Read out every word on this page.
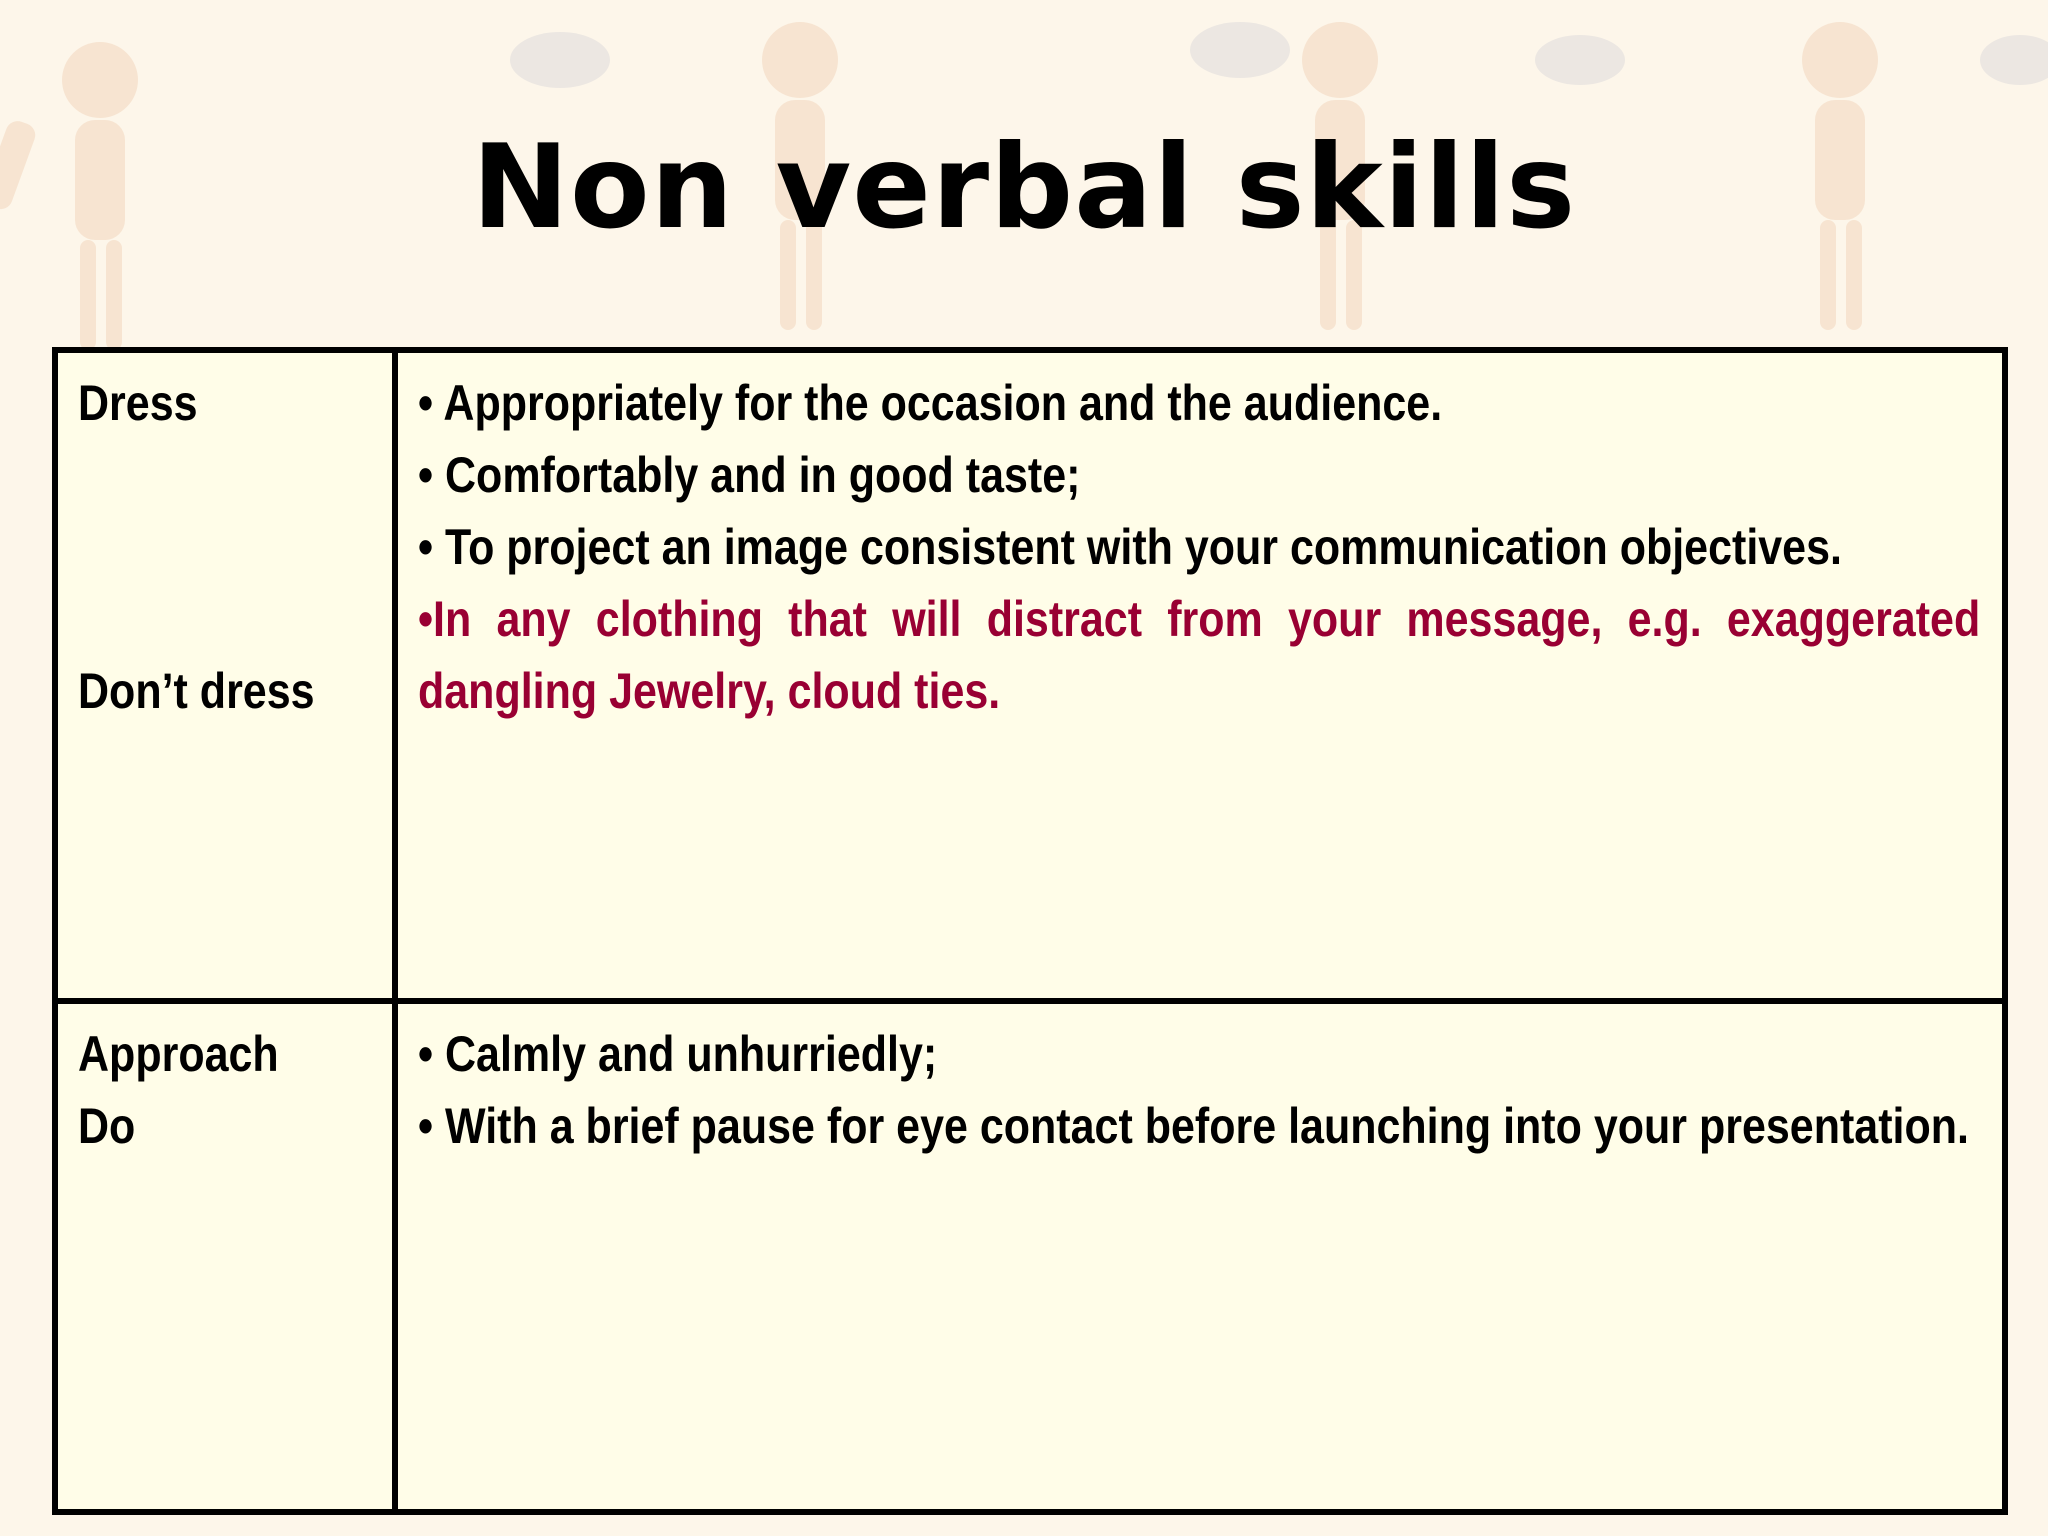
Non verbal skills
Dress
Don’t dress
• Appropriately for the occasion and the audience.
• Comfortably and in good taste;
• To project an image consistent with your communication objectives.
•In any clothing that will distract from your message, e.g. exaggerated dangling Jewelry, cloud ties.
Approach
Do
• Calmly and unhurriedly;
• With a brief pause for eye contact before launching into your presentation.
